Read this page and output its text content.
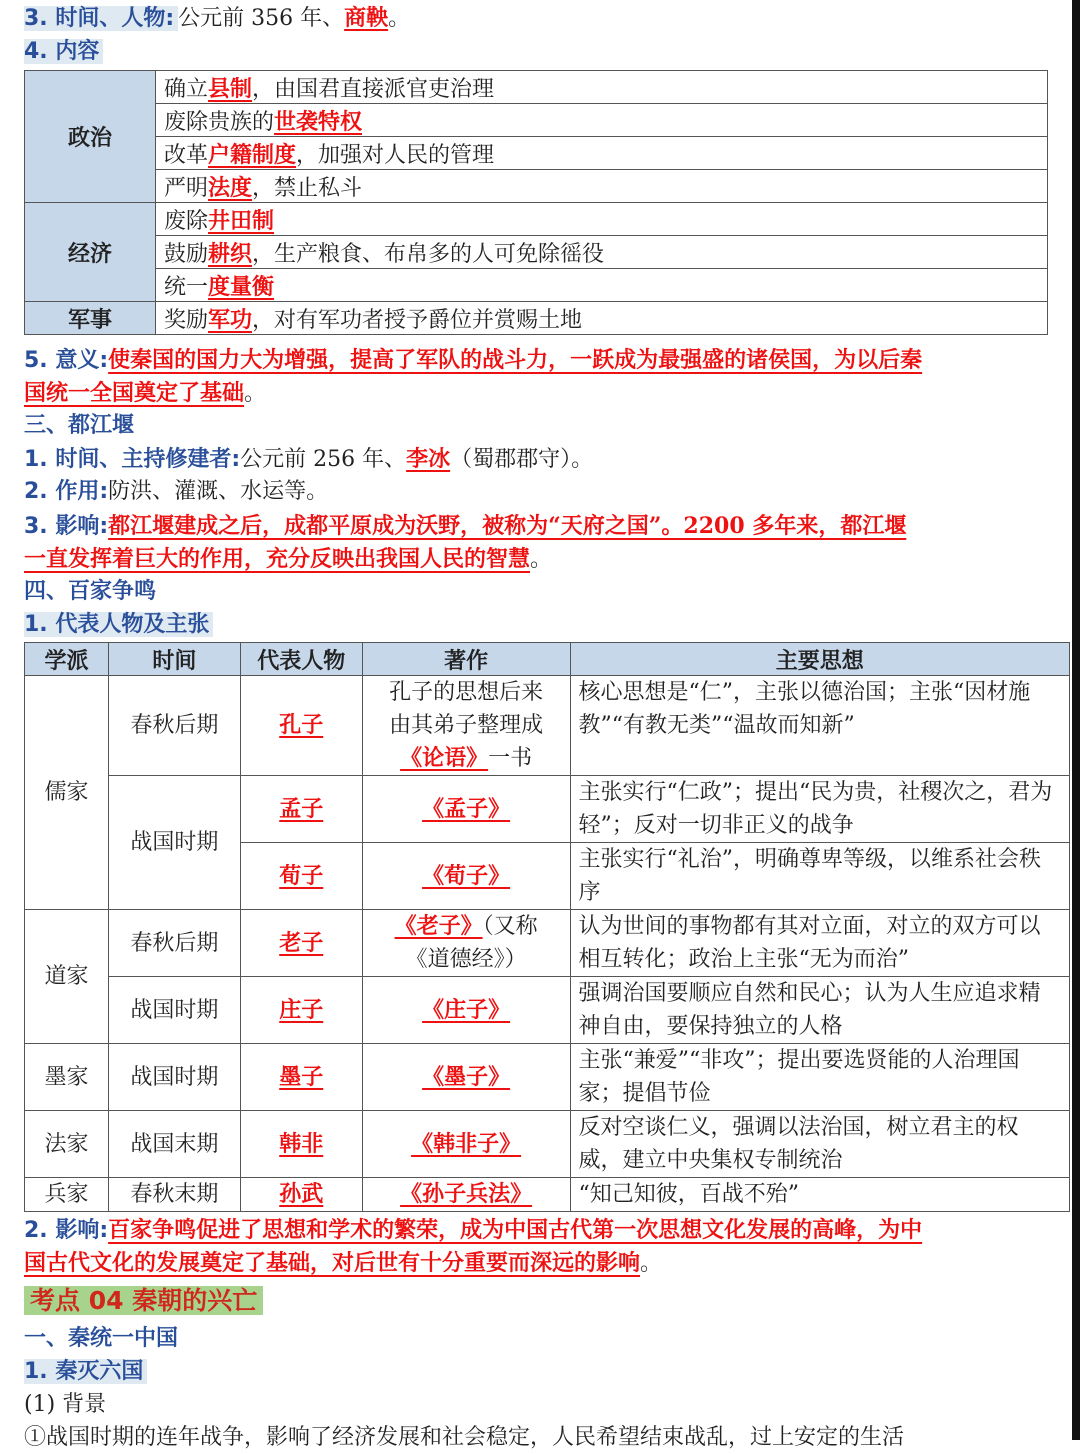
3. 时间、人物: 公元前 356 年、商鞅。
4. 内容
政治	确立县制，由国君直接派官吏治理
	废除贵族的世袭特权
	改革户籍制度，加强对人民的管理
	严明法度，禁止私斗
经济	废除井田制
	鼓励耕织，生产粮食、布帛多的人可免除徭役
	统一度量衡
军事	奖励军功，对有军功者授予爵位并赏赐土地
5. 意义:使秦国的国力大为增强，提高了军队的战斗力，一跃成为最强盛的诸侯国，为以后秦
国统一全国奠定了基础。
三、都江堰
1. 时间、主持修建者:公元前 256 年、李冰（蜀郡郡守）。
2. 作用:防洪、灌溉、水运等。
3. 影响:都江堰建成之后，成都平原成为沃野，被称为“天府之国”。2200 多年来，都江堰
一直发挥着巨大的作用，充分反映出我国人民的智慧。
四、百家争鸣
1. 代表人物及主张
学派	时间	代表人物	著作	主要思想
儒家	春秋后期	孔子	孔子的思想后来
由其弟子整理成
《论语》一书	核心思想是“仁”，主张以德治国；主张“因材施教”“有教无类”“温故而知新”
	战国时期	孟子	《孟子》	主张实行“仁政”；提出“民为贵，社稷次之，君为轻”；反对一切非正义的战争
		荀子	《荀子》	主张实行“礼治”，明确尊卑等级，以维系社会秩序
道家	春秋后期	老子	《老子》（又称
《道德经》）	认为世间的事物都有其对立面，对立的双方可以相互转化；政治上主张“无为而治”
	战国时期	庄子	《庄子》	强调治国要顺应自然和民心；认为人生应追求精神自由，要保持独立的人格
墨家	战国时期	墨子	《墨子》	主张“兼爱”“非攻”；提出要选贤能的人治理国家；提倡节俭
法家	战国末期	韩非	《韩非子》	反对空谈仁义，强调以法治国，树立君主的权威，建立中央集权专制统治
兵家	春秋末期	孙武	《孙子兵法》	“知己知彼，百战不殆”
2. 影响:百家争鸣促进了思想和学术的繁荣，成为中国古代第一次思想文化发展的高峰，为中
国古代文化的发展奠定了基础，对后世有十分重要而深远的影响。
考点 04 秦朝的兴亡
一、秦统一中国
1. 秦灭六国
(1) 背景
①战国时期的连年战争，影响了经济发展和社会稳定，人民希望结束战乱，过上安定的生活
